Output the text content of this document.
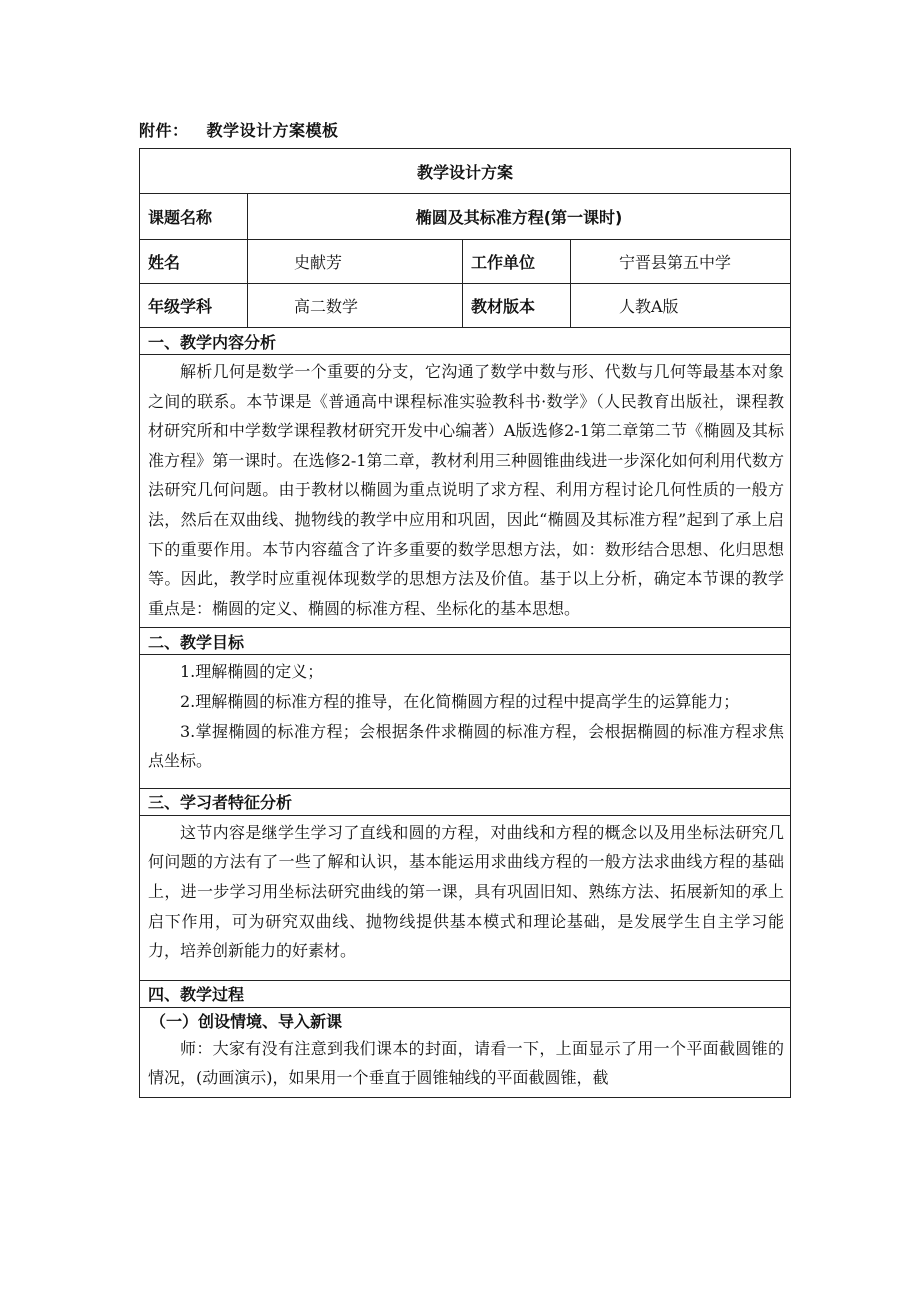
附件： 教学设计方案模板
教学设计方案			
课题名称	椭圆及其标准方程(第一课时)		
姓名	史献芳	工作单位	宁晋县第五中学
年级学科	高二数学	教材版本	人教A版
一、教学内容分析			

解析几何是数学一个重要的分支，它沟通了数学中数与形、代数与几何等最基本对象之间的联系。本节课是《普通高中课程标准实验教科书·数学》（人民教育出版社，课程教材研究所和中学数学课程教材研究开发中心编著）A版选修2-1第二章第二节《椭圆及其标准方程》第一课时。在选修2-1第二章，教材利用三种圆锥曲线进一步深化如何利用代数方法研究几何问题。由于教材以椭圆为重点说明了求方程、利用方程讨论几何性质的一般方法，然后在双曲线、抛物线的教学中应用和巩固，因此“椭圆及其标准方程”起到了承上启下的重要作用。本节内容蕴含了许多重要的数学思想方法，如：数形结合思想、化归思想等。因此，教学时应重视体现数学的思想方法及价值。基于以上分析，确定本节课的教学重点是：椭圆的定义、椭圆的标准方程、坐标化的基本思想。			

二、教学目标			

1.理解椭圆的定义；

2.理解椭圆的标准方程的推导，在化简椭圆方程的过程中提高学生的运算能力；

3.掌握椭圆的标准方程；会根据条件求椭圆的标准方程，会根据椭圆的标准方程求焦点坐标。			

三、学习者特征分析			

这节内容是继学生学习了直线和圆的方程，对曲线和方程的概念以及用坐标法研究几何问题的方法有了一些了解和认识，基本能运用求曲线方程的一般方法求曲线方程的基础上，进一步学习用坐标法研究曲线的第一课，具有巩固旧知、熟练方法、拓展新知的承上启下作用，可为研究双曲线、抛物线提供基本模式和理论基础，是发展学生自主学习能力，培养创新能力的好素材。			

四、教学过程			

（一）创设情境、导入新课

师：大家有没有注意到我们课本的封面，请看一下，上面显示了用一个平面截圆锥的情况，(动画演示)，如果用一个垂直于圆锥轴线的平面截圆锥，截			
